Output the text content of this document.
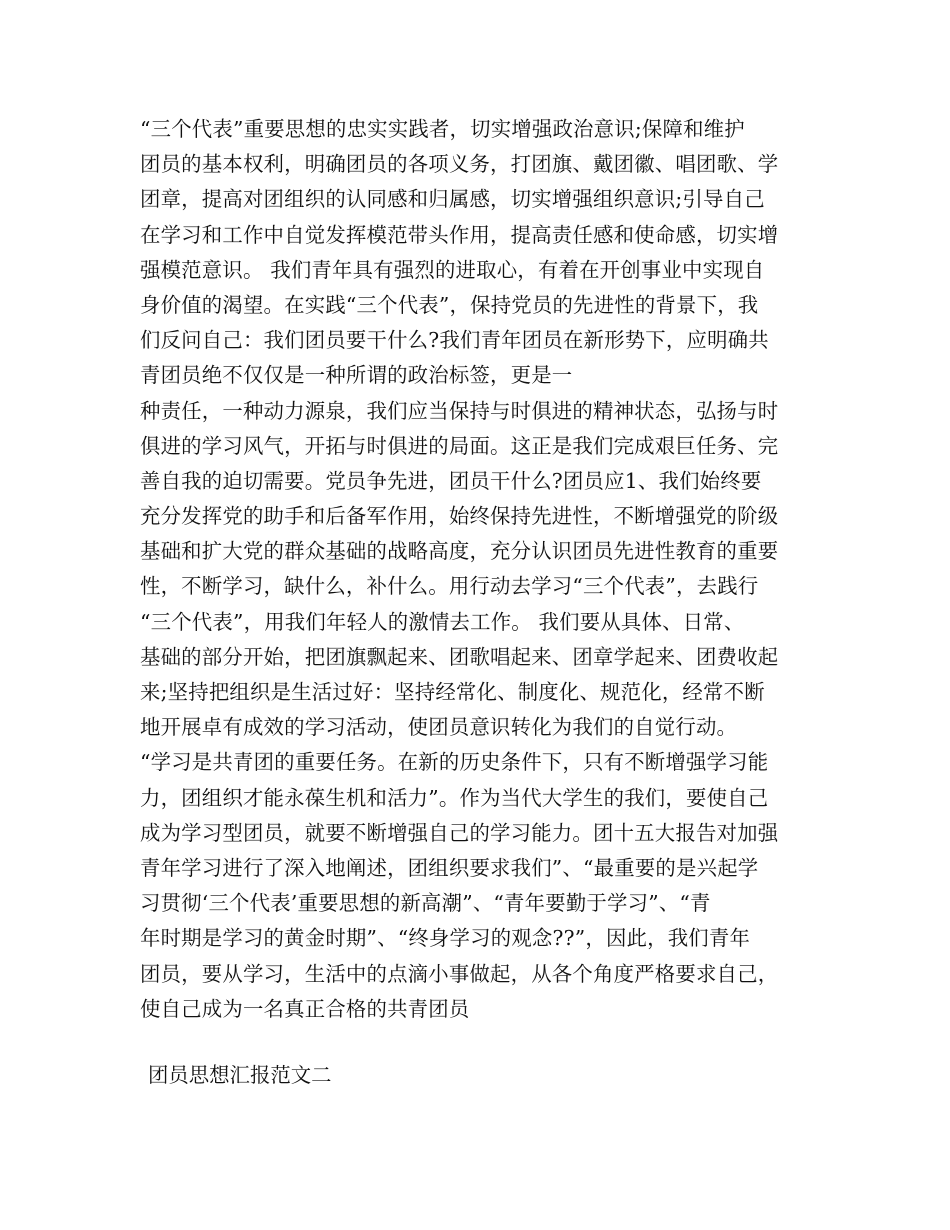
“三个代表”重要思想的忠实实践者，切实增强政治意识;保障和维护
团员的基本权利，明确团员的各项义务，打团旗、戴团徽、唱团歌、学
团章，提高对团组织的认同感和归属感，切实增强组织意识;引导自己
在学习和工作中自觉发挥模范带头作用，提高责任感和使命感，切实增
强模范意识。 我们青年具有强烈的进取心，有着在开创事业中实现自
身价值的渴望。在实践“三个代表”，保持党员的先进性的背景下，我
们反问自己：我们团员要干什么?我们青年团员在新形势下，应明确共
青团员绝不仅仅是一种所谓的政治标签，更是一
种责任，一种动力源泉，我们应当保持与时俱进的精神状态，弘扬与时
俱进的学习风气，开拓与时俱进的局面。这正是我们完成艰巨任务、完
善自我的迫切需要。党员争先进，团员干什么?团员应1、我们始终要
充分发挥党的助手和后备军作用，始终保持先进性，不断增强党的阶级
基础和扩大党的群众基础的战略高度，充分认识团员先进性教育的重要
性，不断学习，缺什么，补什么。用行动去学习“三个代表”，去践行
“三个代表”，用我们年轻人的激情去工作。 我们要从具体、日常、
基础的部分开始，把团旗飘起来、团歌唱起来、团章学起来、团费收起
来;坚持把组织是生活过好：坚持经常化、制度化、规范化，经常不断
地开展卓有成效的学习活动，使团员意识转化为我们的自觉行动。
“学习是共青团的重要任务。在新的历史条件下，只有不断增强学习能
力，团组织才能永葆生机和活力”。作为当代大学生的我们，要使自己
成为学习型团员，就要不断增强自己的学习能力。团十五大报告对加强
青年学习进行了深入地阐述，团组织要求我们”、“最重要的是兴起学
习贯彻‘三个代表’重要思想的新高潮”、“青年要勤于学习”、“青
年时期是学习的黄金时期”、“终身学习的观念??”，因此，我们青年
团员，要从学习，生活中的点滴小事做起，从各个角度严格要求自己，
使自己成为一名真正合格的共青团员
团员思想汇报范文二
